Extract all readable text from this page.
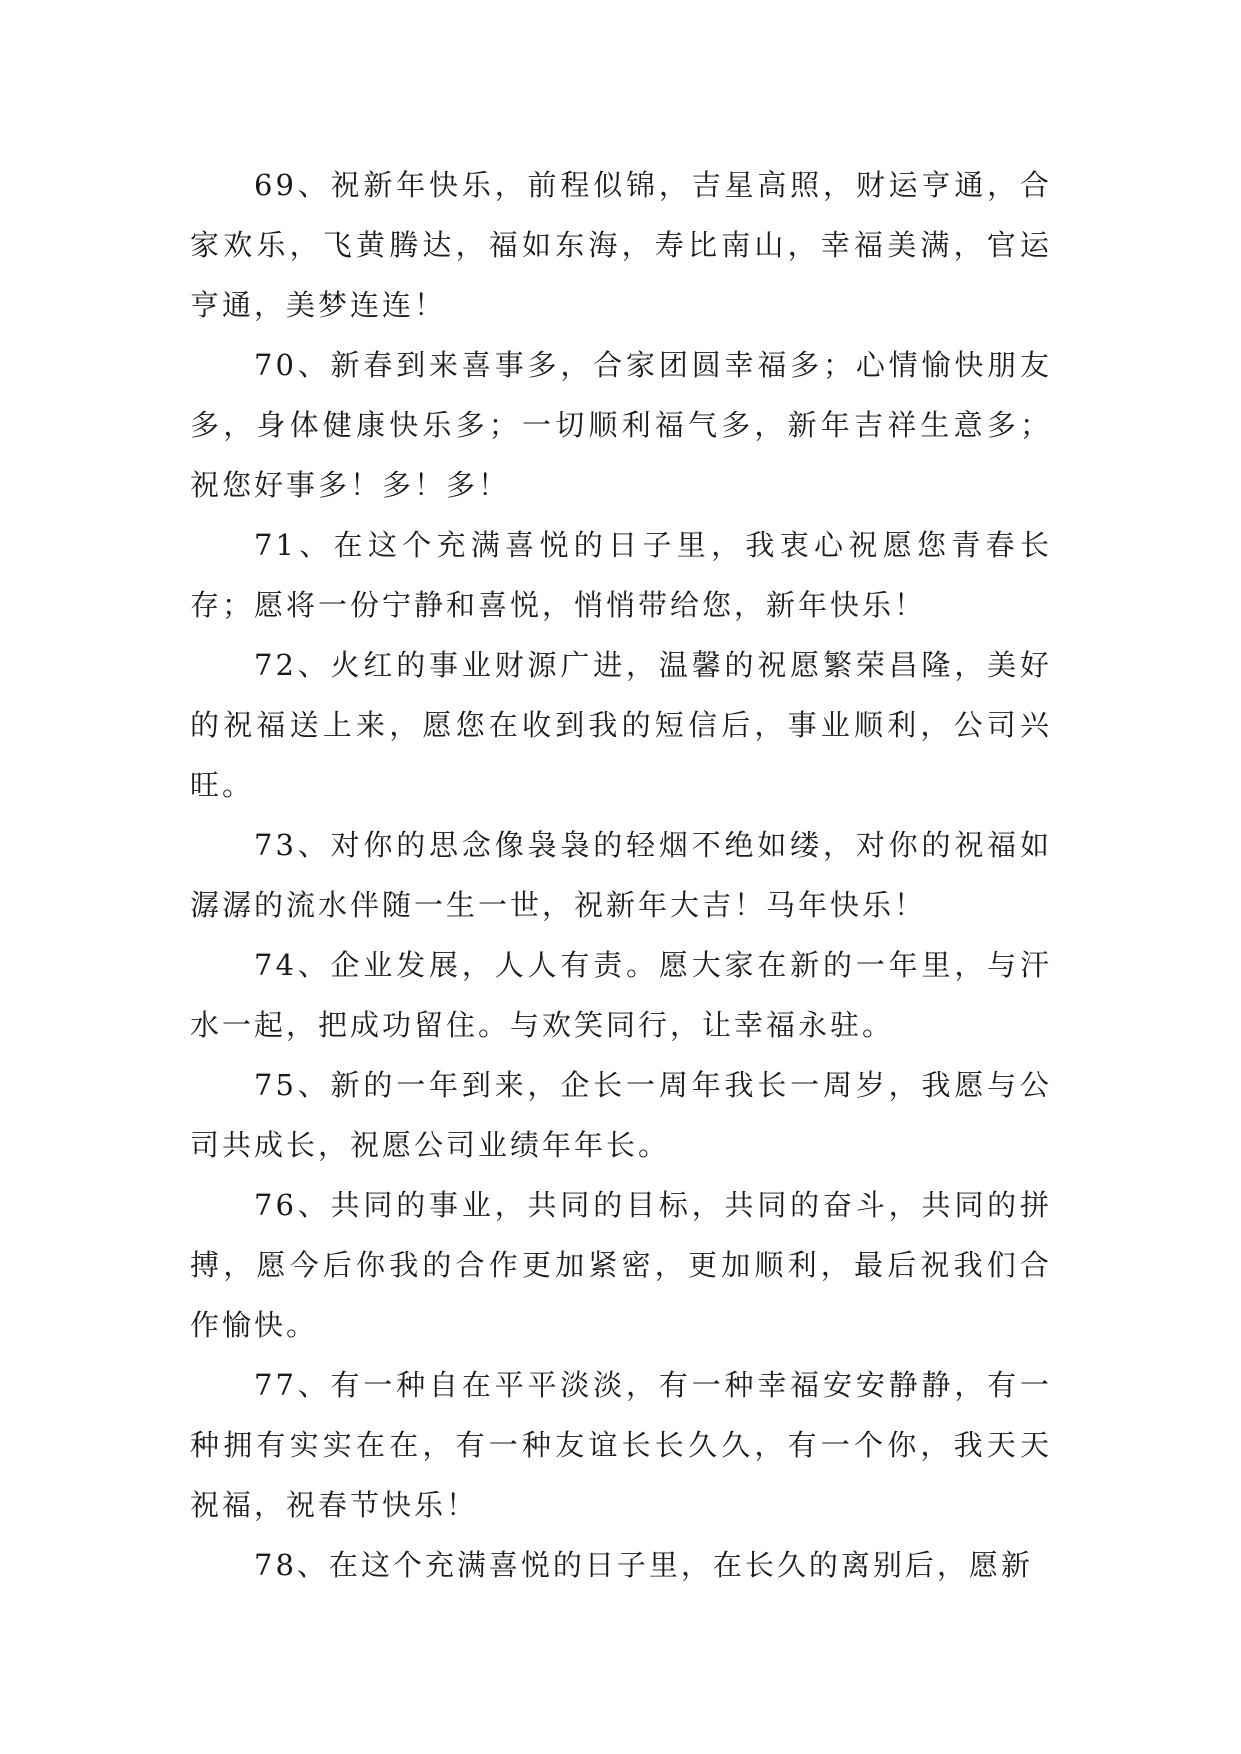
69、祝新年快乐，前程似锦，吉星高照，财运亨通，合家欢乐，飞黄腾达，福如东海，寿比南山，幸福美满，官运亨通，美梦连连！

70、新春到来喜事多，合家团圆幸福多；心情愉快朋友多，身体健康快乐多；一切顺利福气多，新年吉祥生意多；祝您好事多！多！多！

71、在这个充满喜悦的日子里，我衷心祝愿您青春长存；愿将一份宁静和喜悦，悄悄带给您，新年快乐！

72、火红的事业财源广进，温馨的祝愿繁荣昌隆，美好的祝福送上来，愿您在收到我的短信后，事业顺利，公司兴旺。

73、对你的思念像袅袅的轻烟不绝如缕，对你的祝福如潺潺的流水伴随一生一世，祝新年大吉！马年快乐！

74、企业发展，人人有责。愿大家在新的一年里，与汗水一起，把成功留住。与欢笑同行，让幸福永驻。

75、新的一年到来，企长一周年我长一周岁，我愿与公司共成长，祝愿公司业绩年年长。

76、共同的事业，共同的目标，共同的奋斗，共同的拼搏，愿今后你我的合作更加紧密，更加顺利，最后祝我们合作愉快。

77、有一种自在平平淡淡，有一种幸福安安静静，有一种拥有实实在在，有一种友谊长长久久，有一个你，我天天祝福，祝春节快乐！

78、在这个充满喜悦的日子里，在长久的离别后，愿新
